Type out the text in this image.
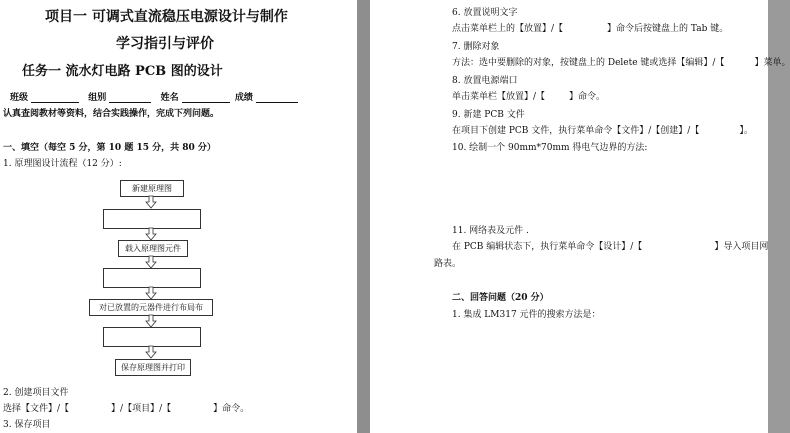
项目一 可调式直流稳压电源设计与制作
学习指引与评价
任务一 流水灯电路 PCB 图的设计
班级	组别	姓名	成绩
认真查阅教材等资料，结合实践操作，完成下列问题。
一、填空（每空 5 分，第 10 题 15 分，共 80 分）
1. 原理图设计流程（12 分）:
新建原理图
载入原理图元件
对已放置的元器件进行布局布
保存原理图并打印
2. 创建项目文件
选择【文件】/【	】/【项目】/【	】命令。
3. 保存项目
6. 放置说明文字
点击菜单栏上的【放置】/【	】命令后按键盘上的 Tab 键。
7. 删除对象
方法：选中要删除的对象，按键盘上的 Delete 键或选择【编辑】/【	】菜单。
8. 放置电源端口
单击菜单栏【放置】/【	】命令。
9. 新建 PCB 文件
在项目下创建 PCB 文件，执行菜单命令【文件】/【创建】/【	】。
10. 绘制一个 90mm*70mm 得电气边界的方法:
11. 网络表及元件 .
在 PCB 编辑状态下，执行菜单命令【设计】/【	】导入项目网
路表。
二、回答问题（20 分）
1. 集成 LM317 元件的搜索方法是：
